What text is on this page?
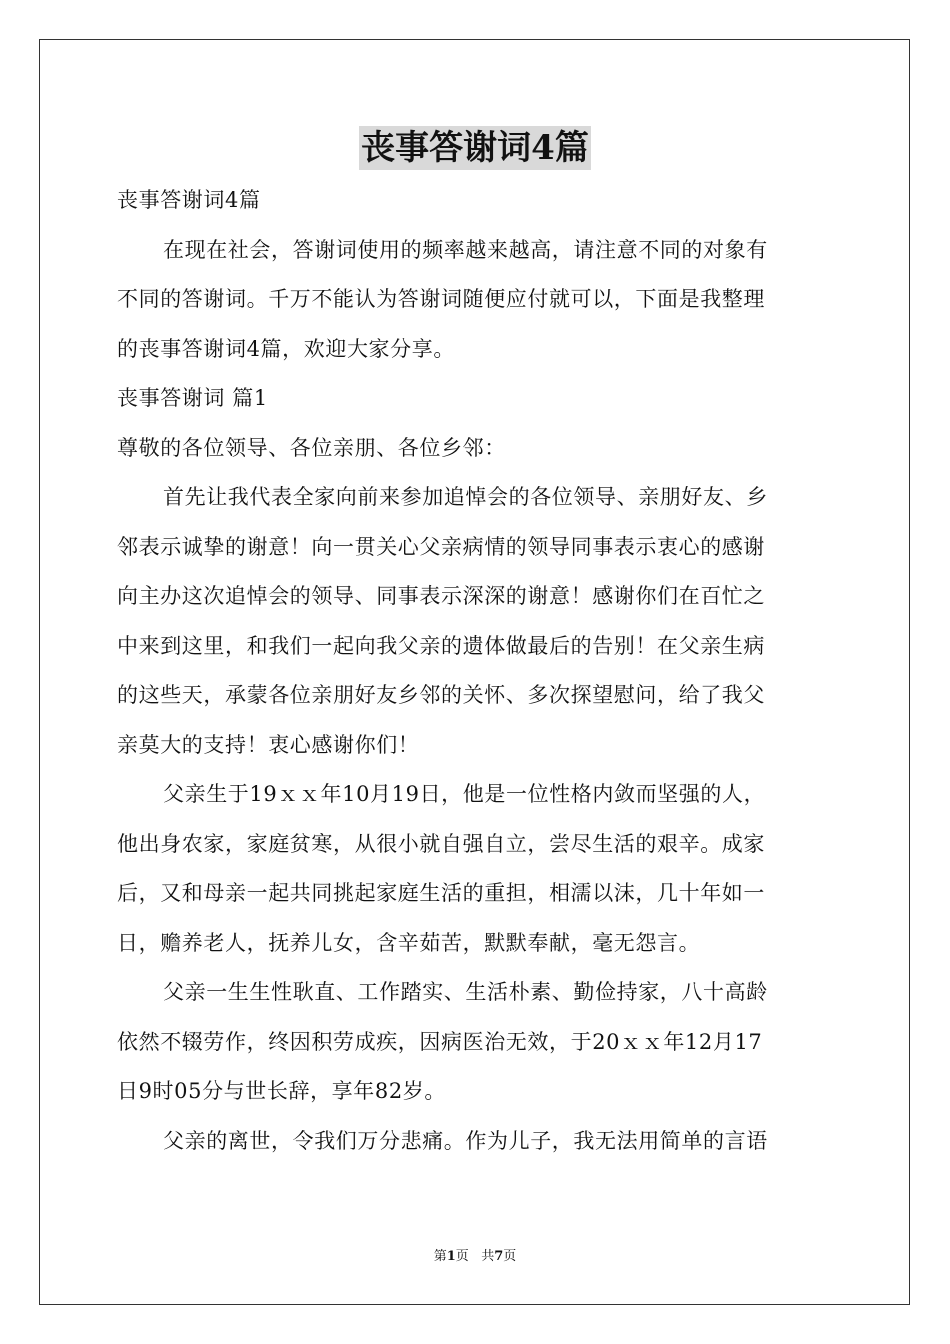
丧事答谢词4篇
丧事答谢词4篇
在现在社会，答谢词使用的频率越来越高，请注意不同的对象有
不同的答谢词。千万不能认为答谢词随便应付就可以，下面是我整理
的丧事答谢词4篇，欢迎大家分享。
丧事答谢词 篇1
尊敬的各位领导、各位亲朋、各位乡邻：
首先让我代表全家向前来参加追悼会的各位领导、亲朋好友、乡
邻表示诚挚的谢意！向一贯关心父亲病情的领导同事表示衷心的感谢
向主办这次追悼会的领导、同事表示深深的谢意！感谢你们在百忙之
中来到这里，和我们一起向我父亲的遗体做最后的告别！在父亲生病
的这些天，承蒙各位亲朋好友乡邻的关怀、多次探望慰问，给了我父
亲莫大的支持！衷心感谢你们！
父亲生于19ｘｘ年10月19日，他是一位性格内敛而坚强的人，
他出身农家，家庭贫寒，从很小就自强自立，尝尽生活的艰辛。成家
后，又和母亲一起共同挑起家庭生活的重担，相濡以沫，几十年如一
日，赡养老人，抚养儿女，含辛茹苦，默默奉献，毫无怨言。
父亲一生生性耿直、工作踏实、生活朴素、勤俭持家，八十高龄
依然不辍劳作，终因积劳成疾，因病医治无效，于20ｘｘ年12月17
日9时05分与世长辞，享年82岁。
父亲的离世，令我们万分悲痛。作为儿子，我无法用简单的言语
第1页 共7页
